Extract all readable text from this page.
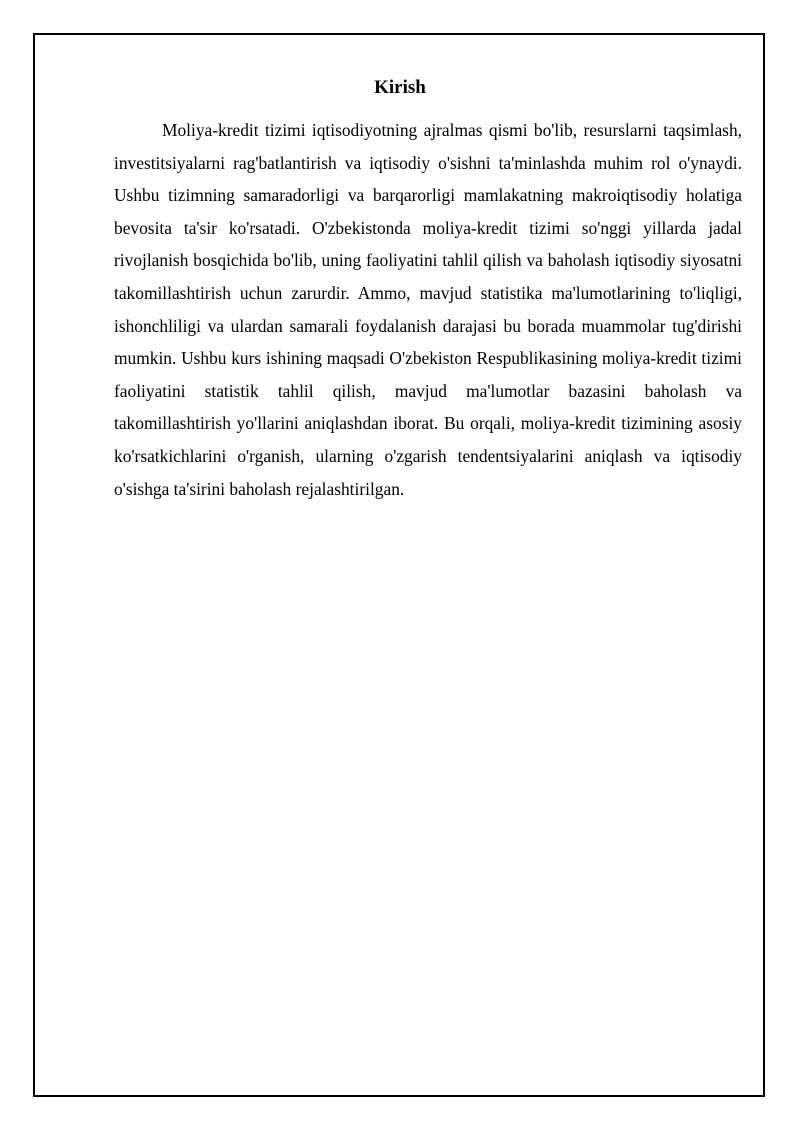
Kirish

Moliya-kredit tizimi iqtisodiyotning ajralmas qismi bo'lib, resurslarni taqsimlash, investitsiyalarni rag'batlantirish va iqtisodiy o'sishni ta'minlashda muhim rol o'ynaydi. Ushbu tizimning samaradorligi va barqarorligi mamlakatning makroiqtisodiy holatiga bevosita ta'sir ko'rsatadi. O'zbekistonda moliya-kredit tizimi so'nggi yillarda jadal rivojlanish bosqichida bo'lib, uning faoliyatini tahlil qilish va baholash iqtisodiy siyosatni takomillashtirish uchun zarurdir. Ammo, mavjud statistika ma'lumotlarining to'liqligi, ishonchliligi va ulardan samarali foydalanish darajasi bu borada muammolar tug'dirishi mumkin. Ushbu kurs ishining maqsadi O'zbekiston Respublikasining moliya-kredit tizimi faoliyatini statistik tahlil qilish, mavjud ma'lumotlar bazasini baholash va takomillashtirish yo'llarini aniqlashdan iborat. Bu orqali, moliya-kredit tizimining asosiy ko'rsatkichlarini o'rganish, ularning o'zgarish tendentsiyalarini aniqlash va iqtisodiy o'sishga ta'sirini baholash rejalashtirilgan.
